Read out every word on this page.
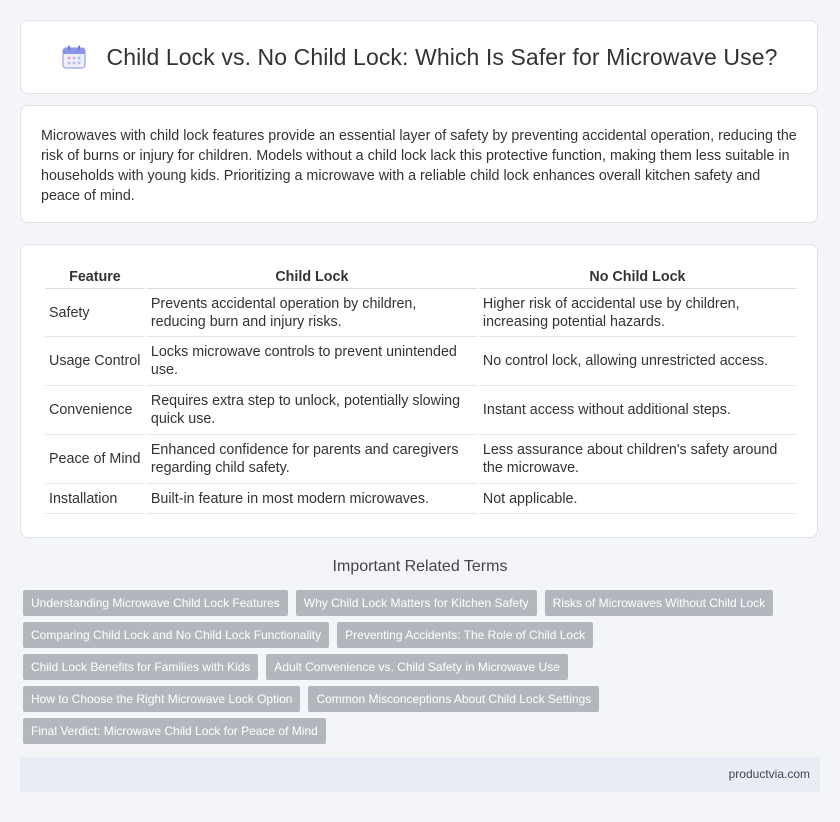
Child Lock vs. No Child Lock: Which Is Safer for Microwave Use?

Microwaves with child lock features provide an essential layer of safety by preventing accidental operation, reducing the risk of burns or injury for children. Models without a child lock lack this protective function, making them less suitable in households with young kids. Prioritizing a microwave with a reliable child lock enhances overall kitchen safety and peace of mind.

Feature	Child Lock	No Child Lock
Safety	Prevents accidental operation by children, reducing burn and injury risks.	Higher risk of accidental use by children, increasing potential hazards.
Usage Control	Locks microwave controls to prevent unintended use.	No control lock, allowing unrestricted access.
Convenience	Requires extra step to unlock, potentially slowing quick use.	Instant access without additional steps.
Peace of Mind	Enhanced confidence for parents and caregivers regarding child safety.	Less assurance about children's safety around the microwave.
Installation	Built-in feature in most modern microwaves.	Not applicable.
Important Related Terms
Understanding Microwave Child Lock Features	Why Child Lock Matters for Kitchen Safety	Risks of Microwaves Without Child Lock
Comparing Child Lock and No Child Lock Functionality	Preventing Accidents: The Role of Child Lock
Child Lock Benefits for Families with Kids	Adult Convenience vs. Child Safety in Microwave Use
How to Choose the Right Microwave Lock Option	Common Misconceptions About Child Lock Settings
Final Verdict: Microwave Child Lock for Peace of Mind
productvia.com
